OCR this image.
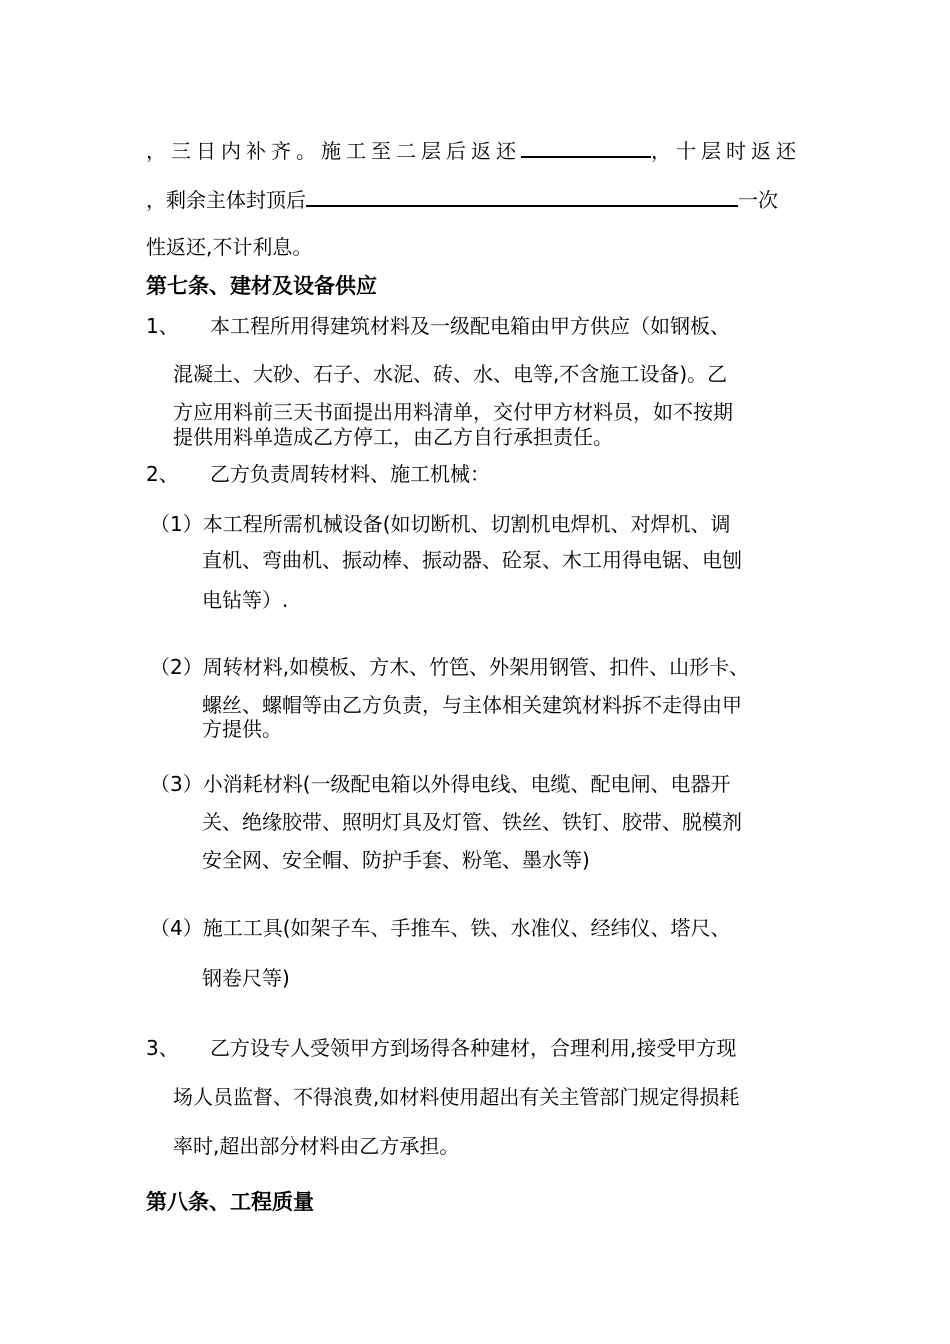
，三日内补齐。施工至二层后返还	，十层时返还

，剩余主体封顶后	一次

性返还,不计利息。

第七条、建材及设备供应

1、 本工程所用得建筑材料及一级配电箱由甲方供应（如钢板、

混凝土、大砂、石子、水泥、砖、水、电等,不含施工设备)。乙

方应用料前三天书面提出用料清单，交付甲方材料员，如不按期

提供用料单造成乙方停工，由乙方自行承担责任。

2、 乙方负责周转材料、施工机械：

（1）本工程所需机械设备(如切断机、切割机电焊机、对焊机、调

直机、弯曲机、振动棒、振动器、砼泵、木工用得电锯、电刨

电钻等）.

（2）周转材料,如模板、方木、竹笆、外架用钢管、扣件、山形卡、

螺丝、螺帽等由乙方负责，与主体相关建筑材料拆不走得由甲

方提供。

（3）小消耗材料(一级配电箱以外得电线、电缆、配电闸、电器开

关、绝缘胶带、照明灯具及灯管、铁丝、铁钉、胶带、脱模剂

安全网、安全帽、防护手套、粉笔、墨水等)

（4）施工工具(如架子车、手推车、铁、水准仪、经纬仪、塔尺、

钢卷尺等)

3、 乙方设专人受领甲方到场得各种建材，合理利用,接受甲方现

场人员监督、不得浪费,如材料使用超出有关主管部门规定得损耗

率时,超出部分材料由乙方承担。

第八条、工程质量
